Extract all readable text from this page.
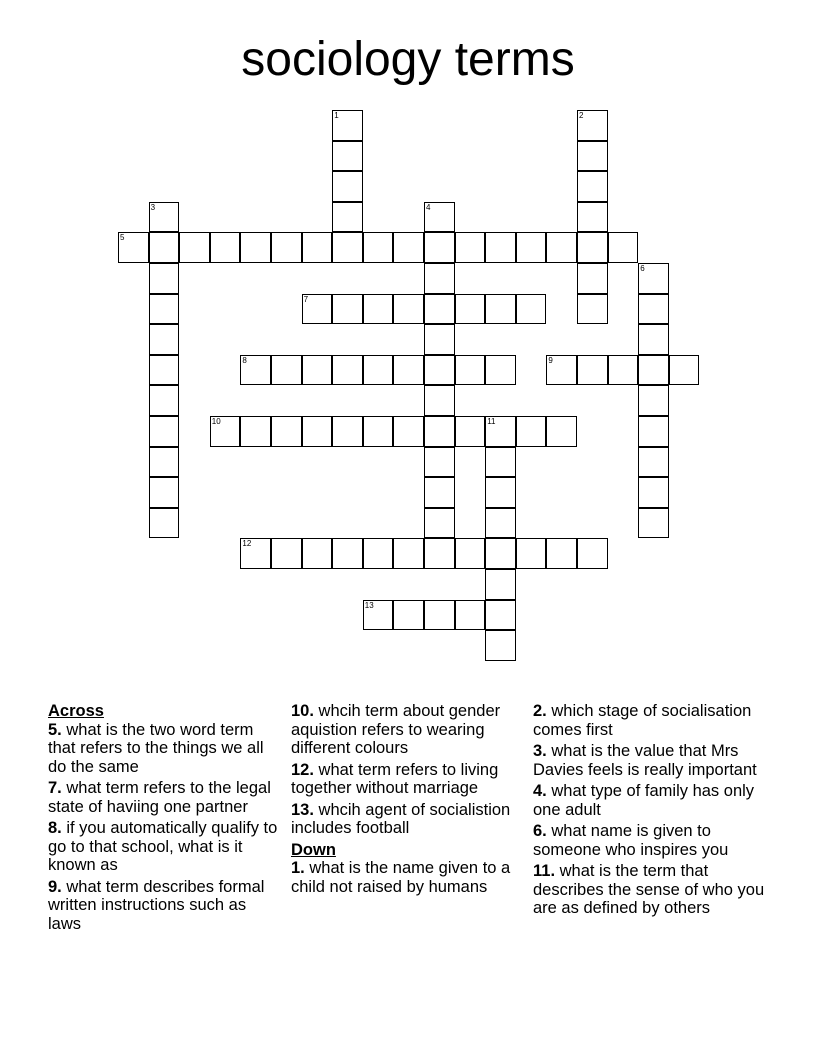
sociology terms
1	2
3	4
5
6
7
8	9
10	11
12
13
Across
5. what is the two word term that refers to the things we all do the same
7. what term refers to the legal state of haviing one partner
8. if you automatically qualify to go to that school, what is it known as
9. what term describes formal written instructions such as laws
10. whcih term about gender aquistion refers to wearing different colours
12. what term refers to living together without marriage
13. whcih agent of socialistion includes football
Down
1. what is the name given to a child not raised by humans
2. which stage of socialisation comes first
3. what is the value that Mrs Davies feels is really important
4. what type of family has only one adult
6. what name is given to someone who inspires you
11. what is the term that describes the sense of who you are as defined by others
